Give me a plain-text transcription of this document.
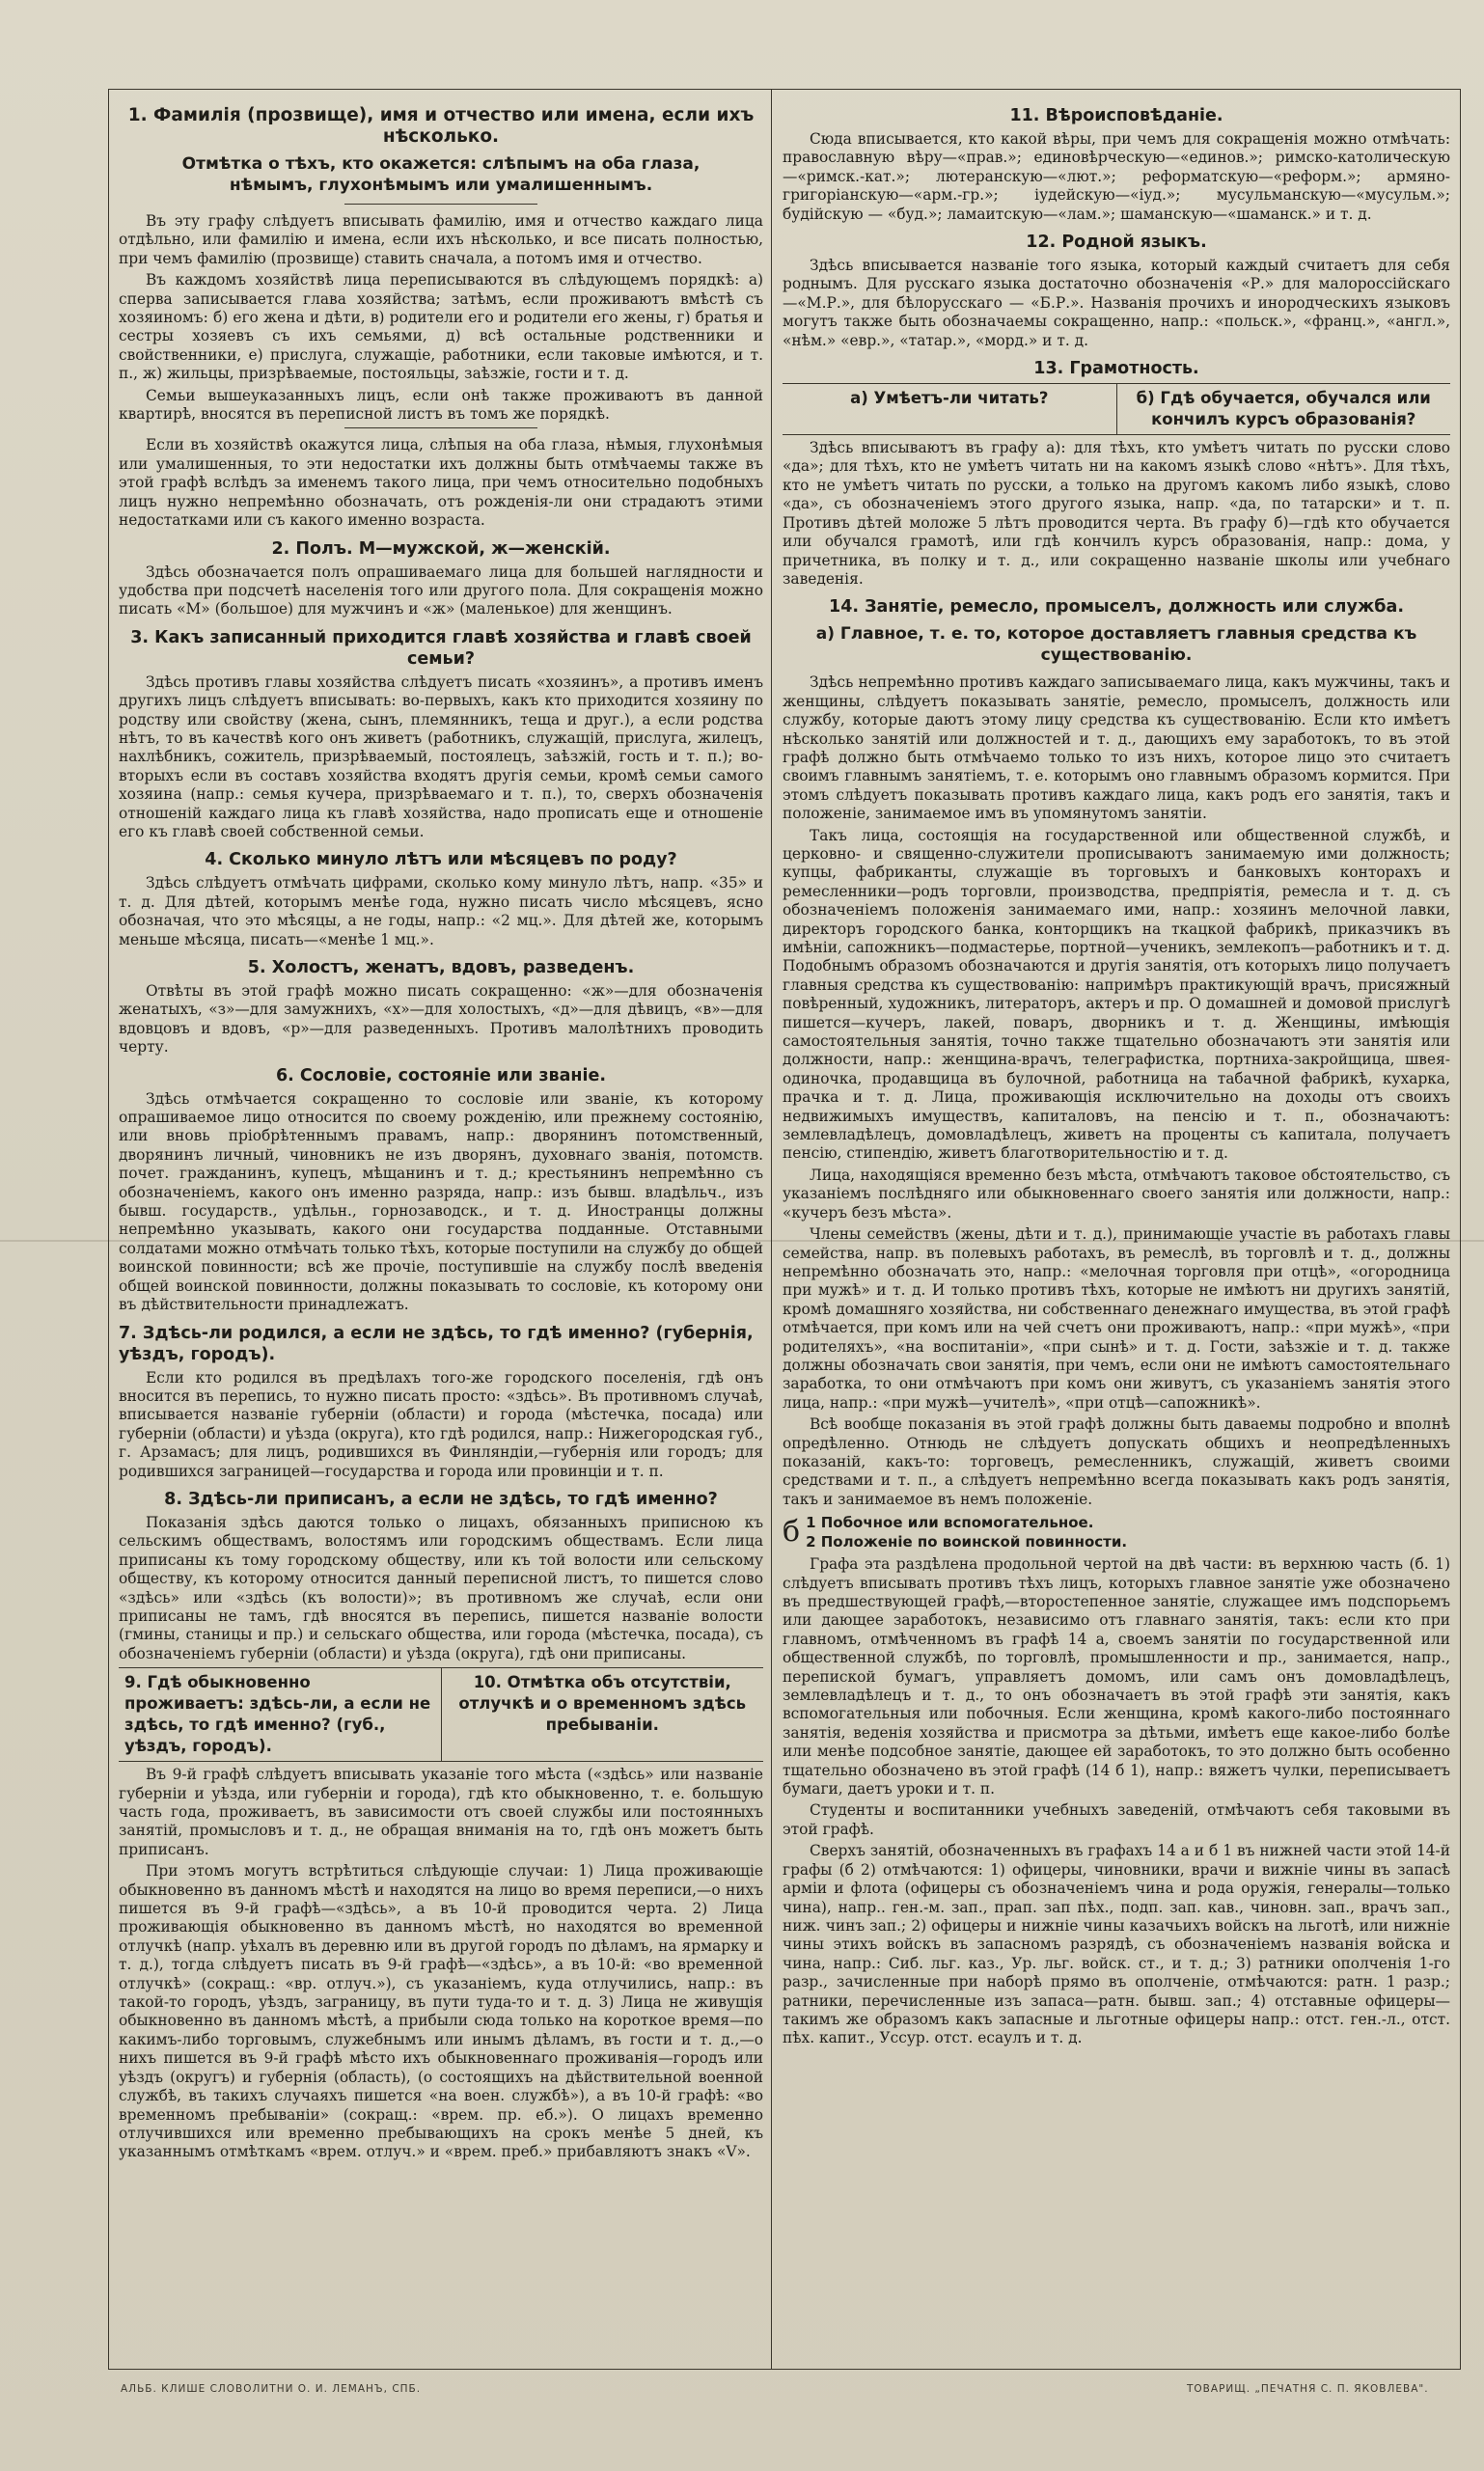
1. Фамилія (прозвище), имя и отчество или имена, если ихъ нѣсколько.
Отмѣтка о тѣхъ, кто окажется: слѣпымъ на оба глаза, нѣмымъ, глухонѣмымъ или умалишеннымъ.

Въ эту графу слѣдуетъ вписывать фамилію, имя и отчество каждаго лица отдѣльно, или фамилію и имена, если ихъ нѣсколько, и все писать полностью, при чемъ фамилію (прозвище) ставить сначала, а потомъ имя и отчество.

Въ каждомъ хозяйствѣ лица переписываются въ слѣдующемъ порядкѣ: а) сперва записывается глава хозяйства; затѣмъ, если проживаютъ вмѣстѣ съ хозяиномъ: б) его жена и дѣти, в) родители его и родители его жены, г) братья и сестры хозяевъ съ ихъ семьями, д) всѣ остальные родственники и свойственники, е) прислуга, служащіе, работники, если таковые имѣются, и т. п., ж) жильцы, призрѣваемые, постояльцы, заѣзжіе, гости и т. д.

Семьи вышеуказанныхъ лицъ, если онѣ также проживаютъ въ данной квартирѣ, вносятся въ переписной листъ въ томъ же порядкѣ.

Если въ хозяйствѣ окажутся лица, слѣпыя на оба глаза, нѣмыя, глухонѣмыя или умалишенныя, то эти недостатки ихъ должны быть отмѣчаемы также въ этой графѣ вслѣдъ за именемъ такого лица, при чемъ относительно подобныхъ лицъ нужно непремѣнно обозначать, отъ рожденія-ли они страдаютъ этими недостатками или съ какого именно возраста.

2. Полъ. М—мужской, ж—женскій.

Здѣсь обозначается полъ опрашиваемаго лица для большей наглядности и удобства при подсчетѣ населенія того или другого пола. Для сокращенія можно писать «М» (большое) для мужчинъ и «ж» (маленькое) для женщинъ.

3. Какъ записанный приходится главѣ хозяйства и главѣ своей семьи?

Здѣсь противъ главы хозяйства слѣдуетъ писать «хозяинъ», а противъ именъ другихъ лицъ слѣдуетъ вписывать: во-первыхъ, какъ кто приходится хозяину по родству или свойству (жена, сынъ, племянникъ, теща и друг.), а если родства нѣтъ, то въ качествѣ кого онъ живетъ (работникъ, служащій, прислуга, жилецъ, нахлѣбникъ, сожитель, призрѣваемый, постоялецъ, заѣзжій, гость и т. п.); во-вторыхъ если въ составъ хозяйства входятъ другія семьи, кромѣ семьи самого хозяина (напр.: семья кучера, призрѣваемаго и т. п.), то, сверхъ обозначенія отношеній каждаго лица къ главѣ хозяйства, надо прописать еще и отношеніе его къ главѣ своей собственной семьи.

4. Сколько минуло лѣтъ или мѣсяцевъ по роду?

Здѣсь слѣдуетъ отмѣчать цифрами, сколько кому минуло лѣтъ, напр. «35» и т. д. Для дѣтей, которымъ менѣе года, нужно писать число мѣсяцевъ, ясно обозначая, что это мѣсяцы, а не годы, напр.: «2 мц.». Для дѣтей же, которымъ меньше мѣсяца, писать—«менѣе 1 мц.».

5. Холостъ, женатъ, вдовъ, разведенъ.

Отвѣты въ этой графѣ можно писать сокращенно: «ж»—для обозначенія женатыхъ, «з»—для замужнихъ, «х»—для холостыхъ, «д»—для дѣвицъ, «в»—для вдовцовъ и вдовъ, «р»—для разведенныхъ. Противъ малолѣтнихъ проводить черту.

6. Сословіе, состояніе или званіе.

Здѣсь отмѣчается сокращенно то сословіе или званіе, къ которому опрашиваемое лицо относится по своему рожденію, или прежнему состоянію, или вновь пріобрѣтеннымъ правамъ, напр.: дворянинъ потомственный, дворянинъ личный, чиновникъ не изъ дворянъ, духовнаго званія, потомств. почет. гражданинъ, купецъ, мѣщанинъ и т. д.; крестьянинъ непремѣнно съ обозначеніемъ, какого онъ именно разряда, напр.: изъ бывш. владѣльч., изъ бывш. государств., удѣльн., горнозаводск., и т. д. Иностранцы должны непремѣнно указывать, какого они государства подданные. Отставными солдатами можно отмѣчать только тѣхъ, которые поступили на службу до общей воинской повинности; всѣ же прочіе, поступившіе на службу послѣ введенія общей воинской повинности, должны показывать то сословіе, къ которому они въ дѣйствительности принадлежатъ.

7. Здѣсь-ли родился, а если не здѣсь, то гдѣ именно? (губернія, уѣздъ, городъ).

Если кто родился въ предѣлахъ того-же городского поселенія, гдѣ онъ вносится въ перепись, то нужно писать просто: «здѣсь». Въ противномъ случаѣ, вписывается названіе губерніи (области) и города (мѣстечка, посада) или губерніи (области) и уѣзда (округа), кто гдѣ родился, напр.: Нижегородская губ., г. Арзамасъ; для лицъ, родившихся въ Финляндіи,—губернія или городъ; для родившихся заграницей—государства и города или провинціи и т. п.

8. Здѣсь-ли приписанъ, а если не здѣсь, то гдѣ именно?

Показанія здѣсь даются только о лицахъ, обязанныхъ приписною къ сельскимъ обществамъ, волостямъ или городскимъ обществамъ. Если лица приписаны къ тому городскому обществу, или къ той волости или сельскому обществу, къ которому относится данный переписной листъ, то пишется слово «здѣсь» или «здѣсь (къ волости)»; въ противномъ же случаѣ, если они приписаны не тамъ, гдѣ вносятся въ перепись, пишется названіе волости (гмины, станицы и пр.) и сельскаго общества, или города (мѣстечка, посада), съ обозначеніемъ губерніи (области) и уѣзда (округа), гдѣ они приписаны.

9. Гдѣ обыкновенно проживаетъ: здѣсь-ли, а если не здѣсь, то гдѣ именно? (губ., уѣздъ, городъ).
10. Отмѣтка объ отсутствіи, отлучкѣ и о временномъ здѣсь пребываніи.

Въ 9-й графѣ слѣдуетъ вписывать указаніе того мѣста («здѣсь» или названіе губерніи и уѣзда, или губерніи и города), гдѣ кто обыкновенно, т. е. большую часть года, проживаетъ, въ зависимости отъ своей службы или постоянныхъ занятій, промысловъ и т. д., не обращая вниманія на то, гдѣ онъ можетъ быть приписанъ.

При этомъ могутъ встрѣтиться слѣдующіе случаи: 1) Лица проживающіе обыкновенно въ данномъ мѣстѣ и находятся на лицо во время переписи,—о нихъ пишется въ 9-й графѣ—«здѣсь», а въ 10-й проводится черта. 2) Лица проживающія обыкновенно въ данномъ мѣстѣ, но находятся во временной отлучкѣ (напр. уѣхалъ въ деревню или въ другой городъ по дѣламъ, на ярмарку и т. д.), тогда слѣдуетъ писать въ 9-й графѣ—«здѣсь», а въ 10-й: «во временной отлучкѣ» (сокращ.: «вр. отлуч.»), съ указаніемъ, куда отлучились, напр.: въ такой-то городъ, уѣздъ, заграницу, въ пути туда-то и т. д. 3) Лица не живущія обыкновенно въ данномъ мѣстѣ, а прибыли сюда только на короткое время—по какимъ-либо торговымъ, служебнымъ или инымъ дѣламъ, въ гости и т. д.,—о нихъ пишется въ 9-й графѣ мѣсто ихъ обыкновеннаго проживанія—городъ или уѣздъ (округъ) и губернія (область), (о состоящихъ на дѣйствительной военной службѣ, въ такихъ случаяхъ пишется «на воен. службѣ»), а въ 10-й графѣ: «во временномъ пребываніи» (сокращ.: «врем. пр. еб.»). О лицахъ временно отлучившихся или временно пребывающихъ на срокъ менѣе 5 дней, къ указаннымъ отмѣткамъ «врем. отлуч.» и «врем. преб.» прибавляютъ знакъ «V».

11. Вѣроисповѣданіе.

Сюда вписывается, кто какой вѣры, при чемъ для сокращенія можно отмѣчать: православную вѣру—«прав.»; единовѣрческую—«единов.»; римско-католическую—«римск.-кат.»; лютеранскую—«лют.»; реформатскую—«реформ.»; армяно-григоріанскую—«арм.-гр.»; іудейскую—«іуд.»; мусульманскую—«мусульм.»; будійскую — «буд.»; ламаитскую—«лам.»; шаманскую—«шаманск.» и т. д.

12. Родной языкъ.

Здѣсь вписывается названіе того языка, который каждый считаетъ для себя роднымъ. Для русскаго языка достаточно обозначенія «Р.» для малороссійскаго—«М.Р.», для бѣлорусскаго — «Б.Р.». Названія прочихъ и инородческихъ языковъ могутъ также быть обозначаемы сокращенно, напр.: «польск.», «франц.», «англ.», «нѣм.» «евр.», «татар.», «морд.» и т. д.

13. Грамотность.
а) Умѣетъ-ли читать?	б) Гдѣ обучается, обучался или кончилъ курсъ образованія?

Здѣсь вписываютъ въ графу а): для тѣхъ, кто умѣетъ читать по русски слово «да»; для тѣхъ, кто не умѣетъ читать ни на какомъ языкѣ слово «нѣтъ». Для тѣхъ, кто не умѣетъ читать по русски, а только на другомъ какомъ либо языкѣ, слово «да», съ обозначеніемъ этого другого языка, напр. «да, по татарски» и т. п. Противъ дѣтей моложе 5 лѣтъ проводится черта. Въ графу б)—гдѣ кто обучается или обучался грамотѣ, или гдѣ кончилъ курсъ образованія, напр.: дома, у причетника, въ полку и т. д., или сокращенно названіе школы или учебнаго заведенія.

14. Занятіе, ремесло, промыселъ, должность или служба.
а) Главное, т. е. то, которое доставляетъ главныя средства къ существованію.

Здѣсь непремѣнно противъ каждаго записываемаго лица, какъ мужчины, такъ и женщины, слѣдуетъ показывать занятіе, ремесло, промыселъ, должность или службу, которые даютъ этому лицу средства къ существованію. Если кто имѣетъ нѣсколько занятій или должностей и т. д., дающихъ ему заработокъ, то въ этой графѣ должно быть отмѣчаемо только то изъ нихъ, которое лицо это считаетъ своимъ главнымъ занятіемъ, т. е. которымъ оно главнымъ образомъ кормится. При этомъ слѣдуетъ показывать противъ каждаго лица, какъ родъ его занятія, такъ и положеніе, занимаемое имъ въ упомянутомъ занятіи.

Такъ лица, состоящія на государственной или общественной службѣ, и церковно- и священно-служители прописываютъ занимаемую ими должность; купцы, фабриканты, служащіе въ торговыхъ и банковыхъ конторахъ и ремесленники—родъ торговли, производства, предпріятія, ремесла и т. д. съ обозначеніемъ положенія занимаемаго ими, напр.: хозяинъ мелочной лавки, директоръ городского банка, конторщикъ на ткацкой фабрикѣ, приказчикъ въ имѣніи, сапожникъ—подмастерье, портной—ученикъ, землекопъ—работникъ и т. д. Подобнымъ образомъ обозначаются и другія занятія, отъ которыхъ лицо получаетъ главныя средства къ существованію: напримѣръ практикующій врачъ, присяжный повѣренный, художникъ, литераторъ, актеръ и пр. О домашней и домовой прислугѣ пишется—кучеръ, лакей, поваръ, дворникъ и т. д. Женщины, имѣющія самостоятельныя занятія, точно также тщательно обозначаютъ эти занятія или должности, напр.: женщина-врачъ, телеграфистка, портниха-закройщица, швея-одиночка, продавщица въ булочной, работница на табачной фабрикѣ, кухарка, прачка и т. д. Лица, проживающія исключительно на доходы отъ своихъ недвижимыхъ имуществъ, капиталовъ, на пенсію и т. п., обозначаютъ: землевладѣлецъ, домовладѣлецъ, живетъ на проценты съ капитала, получаетъ пенсію, стипендію, живетъ благотворительностію и т. д.

Лица, находящіяся временно безъ мѣста, отмѣчаютъ таковое обстоятельство, съ указаніемъ послѣдняго или обыкновеннаго своего занятія или должности, напр.: «кучеръ безъ мѣста».

Члены семействъ (жены, дѣти и т. д.), принимающіе участіе въ работахъ главы семейства, напр. въ полевыхъ работахъ, въ ремеслѣ, въ торговлѣ и т. д., должны непремѣнно обозначать это, напр.: «мелочная торговля при отцѣ», «огородница при мужѣ» и т. д. И только противъ тѣхъ, которые не имѣютъ ни другихъ занятій, кромѣ домашняго хозяйства, ни собственнаго денежнаго имущества, въ этой графѣ отмѣчается, при комъ или на чей счетъ они проживаютъ, напр.: «при мужѣ», «при родителяхъ», «на воспитаніи», «при сынѣ» и т. д. Гости, заѣзжіе и т. д. также должны обозначать свои занятія, при чемъ, если они не имѣютъ самостоятельнаго заработка, то они отмѣчаютъ при комъ они живутъ, съ указаніемъ занятія этого лица, напр.: «при мужѣ—учителѣ», «при отцѣ—сапожникѣ».

Всѣ вообще показанія въ этой графѣ должны быть даваемы подробно и вполнѣ опредѣленно. Отнюдь не слѣдуетъ допускать общихъ и неопредѣленныхъ показаній, какъ-то: торговецъ, ремесленникъ, служащій, живетъ своими средствами и т. п., а слѣдуетъ непремѣнно всегда показывать какъ родъ занятія, такъ и занимаемое въ немъ положеніе.

б 1 Побочное или вспомогательное.
2 Положеніе по воинской повинности.

Графа эта раздѣлена продольной чертой на двѣ части: въ верхнюю часть (б. 1) слѣдуетъ вписывать противъ тѣхъ лицъ, которыхъ главное занятіе уже обозначено въ предшествующей графѣ,—второстепенное занятіе, служащее имъ подспорьемъ или дающее заработокъ, независимо отъ главнаго занятія, такъ: если кто при главномъ, отмѣченномъ въ графѣ 14 а, своемъ занятіи по государственной или общественной службѣ, по торговлѣ, промышленности и пр., занимается, напр., перепиской бумагъ, управляетъ домомъ, или самъ онъ домовладѣлецъ, землевладѣлецъ и т. д., то онъ обозначаетъ въ этой графѣ эти занятія, какъ вспомогательныя или побочныя. Если женщина, кромѣ какого-либо постояннаго занятія, веденія хозяйства и присмотра за дѣтьми, имѣетъ еще какое-либо болѣе или менѣе подсобное занятіе, дающее ей заработокъ, то это должно быть особенно тщательно обозначено въ этой графѣ (14 б 1), напр.: вяжетъ чулки, переписываетъ бумаги, даетъ уроки и т. п.

Студенты и воспитанники учебныхъ заведеній, отмѣчаютъ себя таковыми въ этой графѣ.

Сверхъ занятій, обозначенныхъ въ графахъ 14 а и б 1 въ нижней части этой 14-й графы (б 2) отмѣчаются: 1) офицеры, чиновники, врачи и вижніе чины въ запасѣ арміи и флота (офицеры съ обозначеніемъ чина и рода оружія, генералы—только чина), напр.. ген.-м. зап., прап. зап пѣх., подп. зап. кав., чиновн. зап., врачъ зап., ниж. чинъ зап.; 2) офицеры и нижніе чины казачьихъ войскъ на льготѣ, или нижніе чины этихъ войскъ въ запасномъ разрядѣ, съ обозначеніемъ названія войска и чина, напр.: Сиб. льг. каз., Ур. льг. войск. ст., и т. д.; 3) ратники ополченія 1-го разр., зачисленные при наборѣ прямо въ ополченіе, отмѣчаются: ратн. 1 разр.; ратники, перечисленные изъ запаса—ратн. бывш. зап.; 4) отставные офицеры—такимъ же образомъ какъ запасные и льготные офицеры напр.: отст. ген.-л., отст. пѣх. капит., Уссур. отст. есаулъ и т. д.

АЛЬБ. КЛИШЕ СЛОВОЛИТНИ О. И. ЛЕМАНЪ, СПБ.	ТОВАРИЩ. „ПЕЧАТНЯ С. П. ЯКОВЛЕВА".
